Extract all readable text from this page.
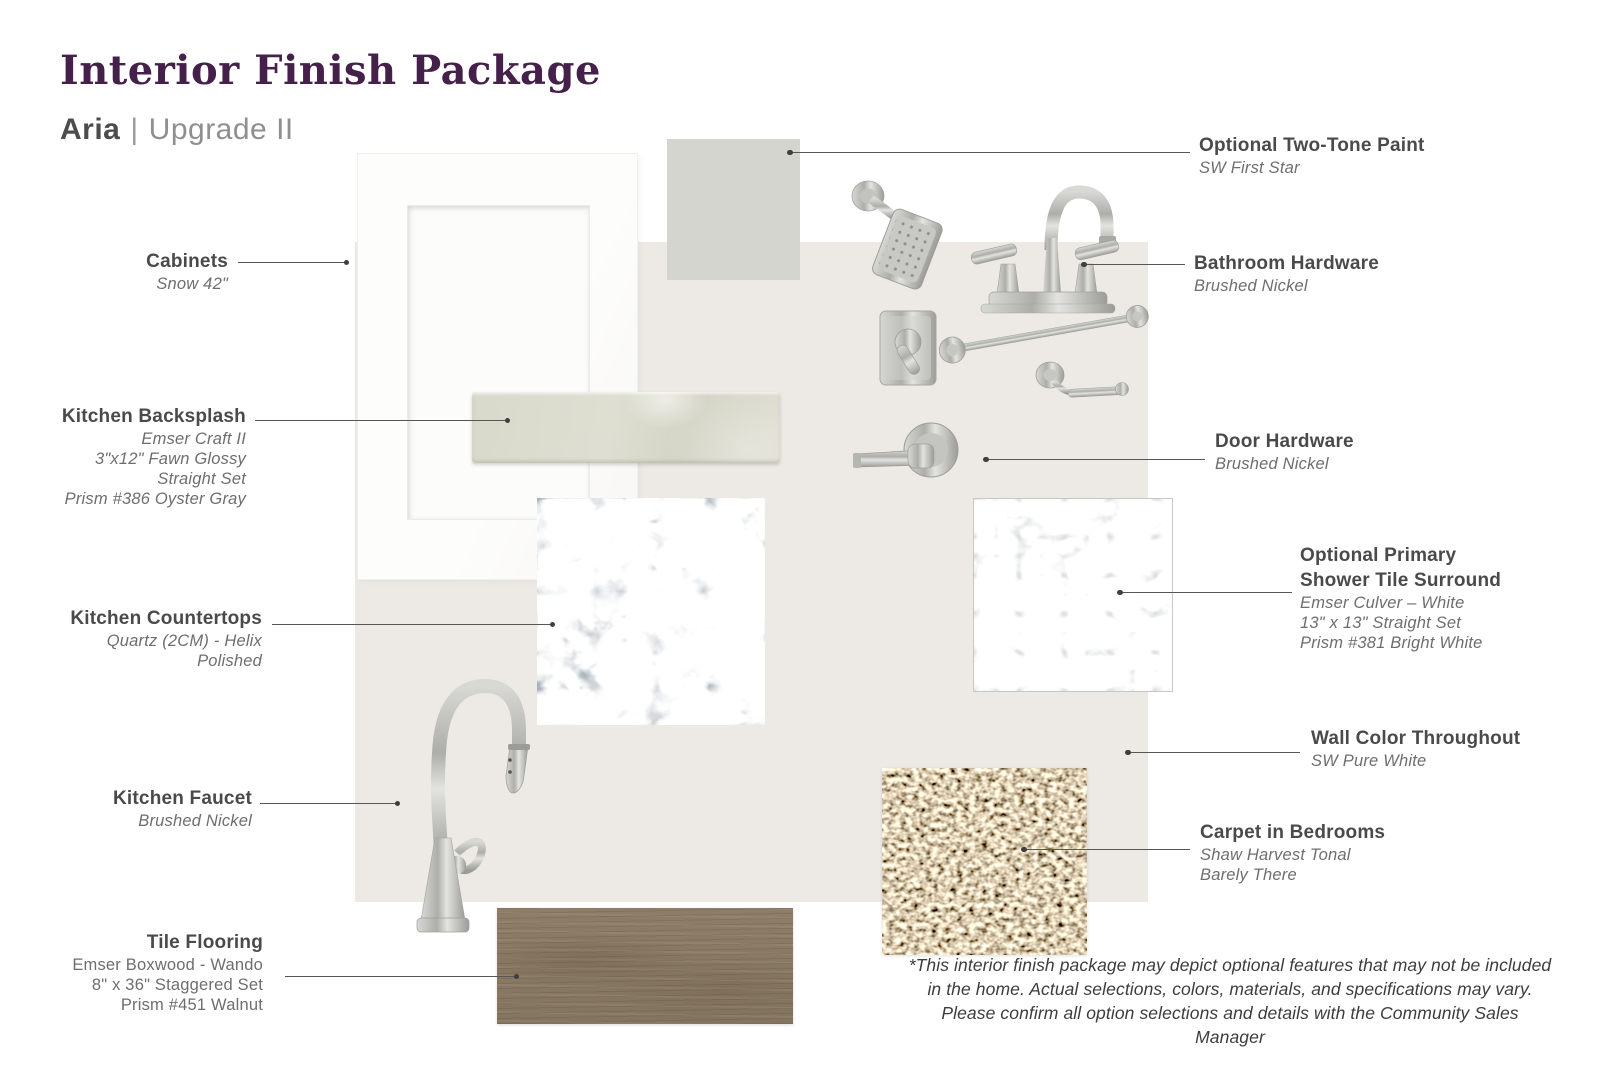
Interior Finish Package
Aria | Upgrade II
Cabinets
Snow 42"
Kitchen Backsplash
Emser Craft II
3"x12" Fawn Glossy
Straight Set
Prism #386 Oyster Gray
Kitchen Countertops
Quartz (2CM) - Helix
Polished
Kitchen Faucet
Brushed Nickel
Tile Flooring
Emser Boxwood - Wando
8" x 36" Staggered Set
Prism #451 Walnut
Optional Two-Tone Paint
SW First Star
Bathroom Hardware
Brushed Nickel
Door Hardware
Brushed Nickel
Optional Primary
Shower Tile Surround
Emser Culver – White
13" x 13" Straight Set
Prism #381 Bright White
Wall Color Throughout
SW Pure White
Carpet in Bedrooms
Shaw Harvest Tonal
Barely There
*This interior finish package may depict optional features that may not be included in the home. Actual selections, colors, materials, and specifications may vary. Please confirm all option selections and details with the Community Sales Manager
